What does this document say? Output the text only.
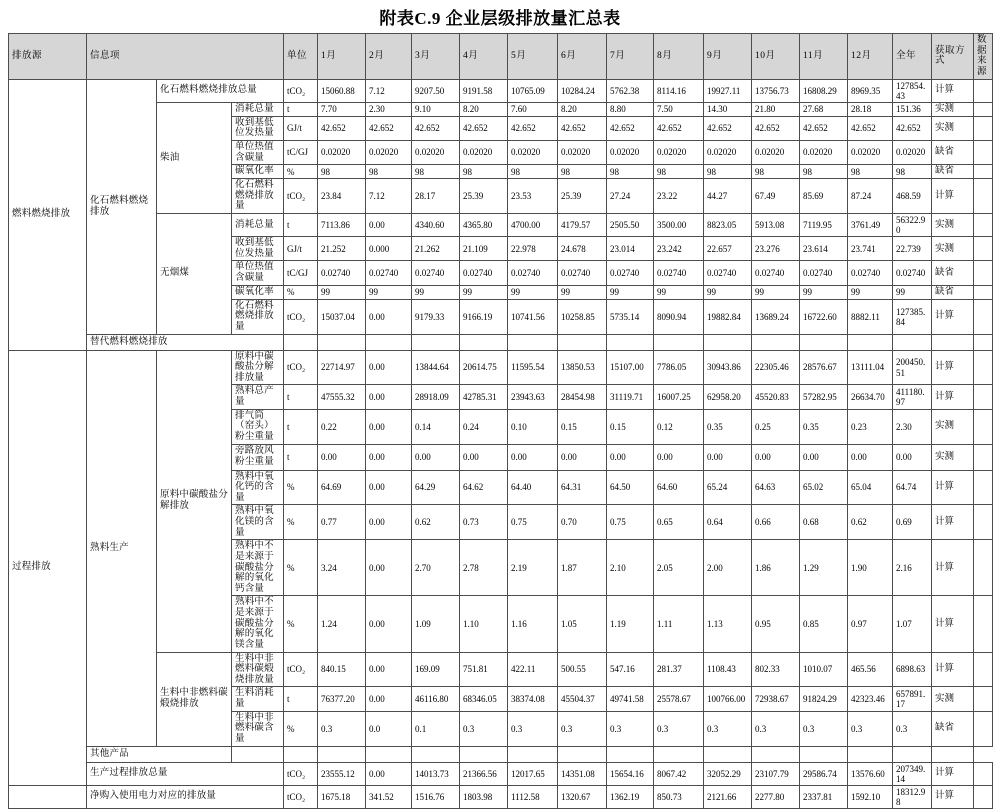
附表C.9 企业层级排放量汇总表
排放源	信息项			单位	1月	2月	3月	4月	5月	6月	7月	8月	9月	10月	11月	12月	全年	获取方式	数据来源
燃料燃烧排放	化石燃料燃烧排放	化石燃料燃烧排放总量		tCO₂	15060.88	7.12	9207.50	9191.58	10765.09	10284.24	5762.38	8114.16	19927.11	13756.73	16808.29	8969.35	127854.43	计算	
		柴油	消耗总量	t	7.70	2.30	9.10	8.20	7.60	8.20	8.80	7.50	14.30	21.80	27.68	28.18	151.36	实测	
			收到基低位发热量	GJ/t	42.652	42.652	42.652	42.652	42.652	42.652	42.652	42.652	42.652	42.652	42.652	42.652	42.652	实测	
			单位热值含碳量	tC/GJ	0.02020	0.02020	0.02020	0.02020	0.02020	0.02020	0.02020	0.02020	0.02020	0.02020	0.02020	0.02020	0.02020	缺省	
			碳氧化率	%	98	98	98	98	98	98	98	98	98	98	98	98	98	缺省	
			化石燃料燃烧排放量	tCO₂	23.84	7.12	28.17	25.39	23.53	25.39	27.24	23.22	44.27	67.49	85.69	87.24	468.59	计算	
		无烟煤	消耗总量	t	7113.86	0.00	4340.60	4365.80	4700.00	4179.57	2505.50	3500.00	8823.05	5913.08	7119.95	3761.49	56322.90	实测	
			收到基低位发热量	GJ/t	21.252	0.000	21.262	21.109	22.978	24.678	23.014	23.242	22.657	23.276	23.614	23.741	22.739	实测	
			单位热值含碳量	tC/GJ	0.02740	0.02740	0.02740	0.02740	0.02740	0.02740	0.02740	0.02740	0.02740	0.02740	0.02740	0.02740	0.02740	缺省	
			碳氧化率	%	99	99	99	99	99	99	99	99	99	99	99	99	99	缺省	
			化石燃料燃烧排放量	tCO₂	15037.04	0.00	9179.33	9166.19	10741.56	10258.85	5735.14	8090.94	19882.84	13689.24	16722.60	8882.11	127385.84	计算	
	替代燃料燃烧排放																		
过程排放	熟料生产	原料中碳酸盐分解排放	原料中碳酸盐分解排放量	tCO₂	22714.97	0.00	13844.64	20614.75	11595.54	13850.53	15107.00	7786.05	30943.86	22305.46	28576.67	13111.04	200450.51	计算	
			熟料总产量	t	47555.32	0.00	28918.09	42785.31	23943.63	28454.98	31119.71	16007.25	62958.20	45520.83	57282.95	26634.70	411180.97	计算	
			排气筒（窑头）粉尘重量	t	0.22	0.00	0.14	0.24	0.10	0.15	0.15	0.12	0.35	0.25	0.35	0.23	2.30	实测	
			旁路放风粉尘重量	t	0.00	0.00	0.00	0.00	0.00	0.00	0.00	0.00	0.00	0.00	0.00	0.00	0.00	实测	
			熟料中氧化钙的含量	%	64.69	0.00	64.29	64.62	64.40	64.31	64.50	64.60	65.24	64.63	65.02	65.04	64.74	计算	
			熟料中氧化镁的含量	%	0.77	0.00	0.62	0.73	0.75	0.70	0.75	0.65	0.64	0.66	0.68	0.62	0.69	计算	
			熟料中不是来源于碳酸盐分解的氧化钙含量	%	3.24	0.00	2.70	2.78	2.19	1.87	2.10	2.05	2.00	1.86	1.29	1.90	2.16	计算	
			熟料中不是来源于碳酸盐分解的氧化镁含量	%	1.24	0.00	1.09	1.10	1.16	1.05	1.19	1.11	1.13	0.95	0.85	0.97	1.07	计算	
		生料中非燃料碳煅烧排放	生料中非燃料碳煅烧排放量	tCO₂	840.15	0.00	169.09	751.81	422.11	500.55	547.16	281.37	1108.43	802.33	1010.07	465.56	6898.63	计算	
			生料消耗量	t	76377.20	0.00	46116.80	68346.05	38374.08	45504.37	49741.58	25578.67	100766.00	72938.67	91824.29	42323.46	657891.17	实测	
			生料中非燃料碳含量	%	0.3	0.0	0.1	0.3	0.3	0.3	0.3	0.3	0.3	0.3	0.3	0.3	0.3	缺省	
	其他产品																		
	生产过程排放总量			tCO₂	23555.12	0.00	14013.73	21366.56	12017.65	14351.08	15654.16	8067.42	32052.29	23107.79	29586.74	13576.60	207349.14	计算	
	净购入使用电力对应的排放量			tCO₂	1675.18	341.52	1516.76	1803.98	1112.58	1320.67	1362.19	850.73	2121.66	2277.80	2337.81	1592.10	18312.98	计算	
